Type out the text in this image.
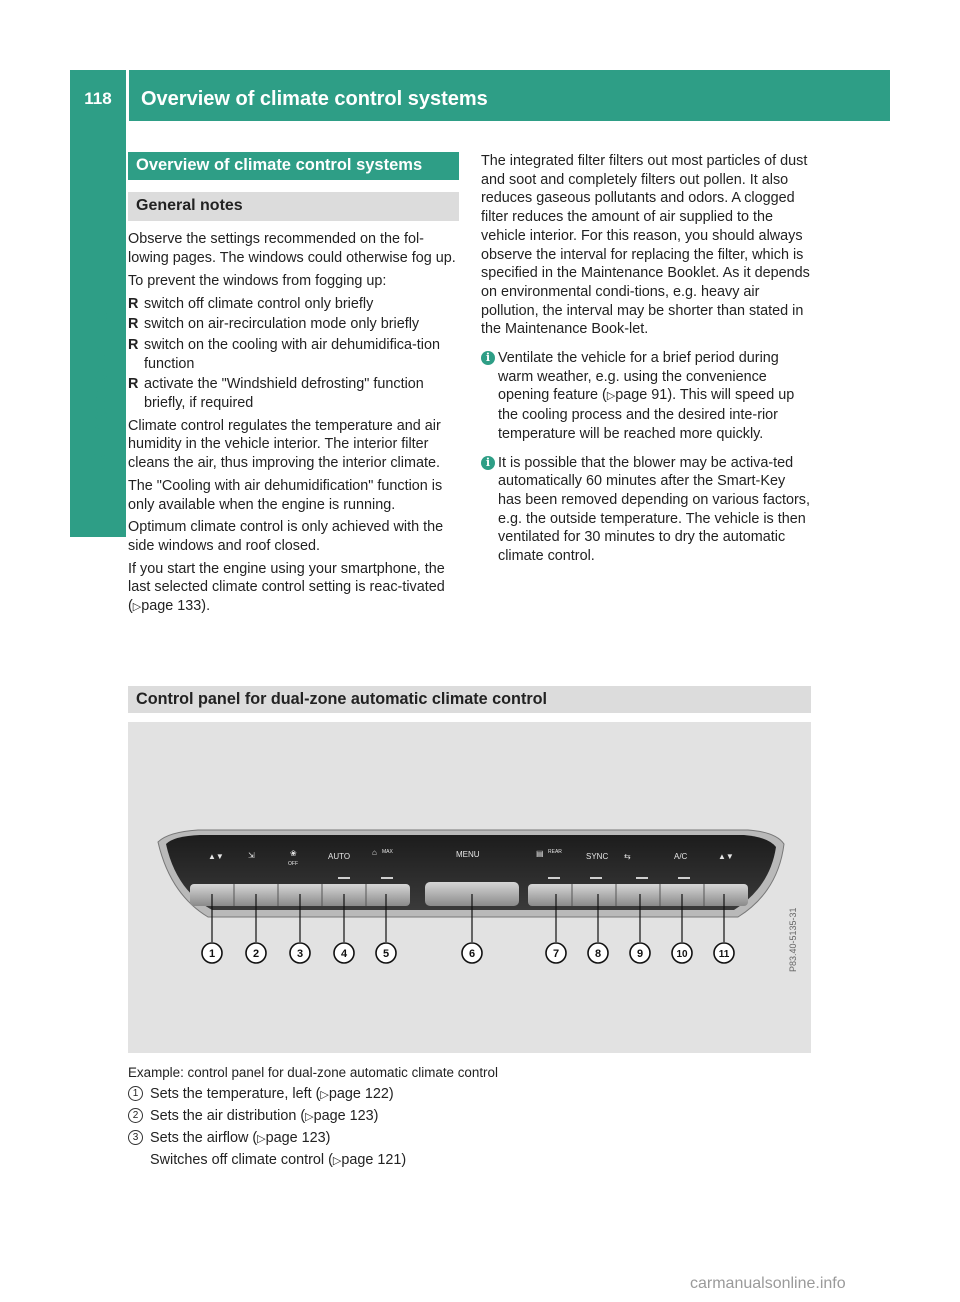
118	Overview of climate control systems
Climate control
Overview of climate control systems
General notes

Observe the settings recommended on the fol-lowing pages. The windows could otherwise fog up.

To prevent the windows from fogging up:

R switch off climate control only briefly
R switch on air-recirculation mode only briefly
R switch on the cooling with air dehumidifica-tion function
R activate the "Windshield defrosting" function briefly, if required

Climate control regulates the temperature and air humidity in the vehicle interior. The interior filter cleans the air, thus improving the interior climate.

The "Cooling with air dehumidification" function is only available when the engine is running.

Optimum climate control is only achieved with the side windows and roof closed.

If you start the engine using your smartphone, the last selected climate control setting is reac-tivated (▷page 133).

The integrated filter filters out most particles of dust and soot and completely filters out pollen. It also reduces gaseous pollutants and odors. A clogged filter reduces the amount of air supplied to the vehicle interior. For this reason, you should always observe the interval for replacing the filter, which is specified in the Maintenance Booklet. As it depends on environmental condi-tions, e.g. heavy air pollution, the interval may be shorter than stated in the Maintenance Book-let.

i Ventilate the vehicle for a brief period during warm weather, e.g. using the convenience opening feature (▷page 91). This will speed up the cooling process and the desired inte-rior temperature will be reached more quickly.
i It is possible that the blower may be activa-ted automatically 60 minutes after the Smart-Key has been removed depending on various factors, e.g. the outside temperature. The vehicle is then ventilated for 30 minutes to dry the automatic climate control.
Control panel for dual-zone automatic climate control
▲▼	⇲	❀
OFF
AUTO	⌂ MAX	MENU	▤ REAR	SYNC ⇆	A/C	▲▼
1	2	3	4	5	6	7	8	9	10	11	P83.40-5135-31
Example: control panel for dual-zone automatic climate control
1 Sets the temperature, left (▷page 122)
2 Sets the air distribution (▷page 123)
3 Sets the airflow (▷page 123)
Switches off climate control (▷page 121)
carmanualsonline.info
